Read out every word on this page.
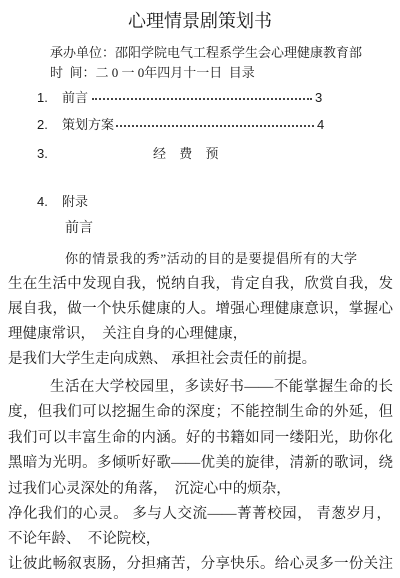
心理情景剧策划书
承办单位：邵阳学院电气工程系学生会心理健康教育部
时  间：二 0 一 0年四月十一日  目录
1. 前言	3
2. 策划方案	4
3.	经 费 预
4. 附录
前言
你的情景我的秀”活动的目的是要提倡所有的大学
生在生活中发现自我，悦纳自我，肯定自我，欣赏自我，发
展自我，做一个快乐健康的人。增强心理健康意识，掌握心
理健康常识，  关注自身的心理健康，
是我们大学生走向成熟、 承担社会责任的前提。
生活在大学校园里，多读好书——不能掌握生命的长
度，但我们可以挖掘生命的深度；不能控制生命的外延，但
我们可以丰富生命的内涵。好的书籍如同一缕阳光，助你化
黑暗为光明。多倾听好歌——优美的旋律，清新的歌词，绕
过我们心灵深处的角落，  沉淀心中的烦杂，
净化我们的心灵。 多与人交流——菁菁校园， 青葱岁月，
不论年龄、  不论院校，
让彼此畅叙衷肠，分担痛苦，分享快乐。给心灵多一份关注
